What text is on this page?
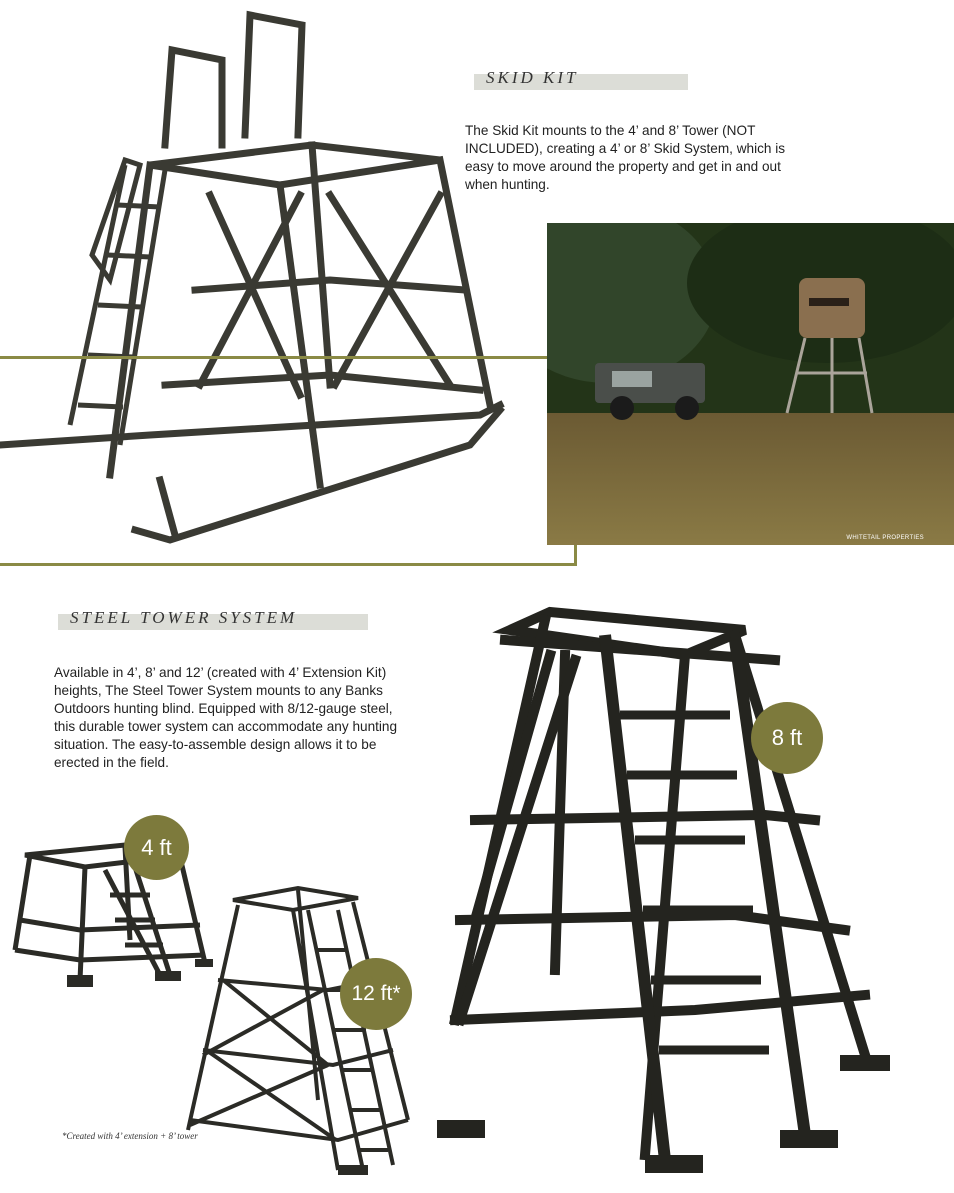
SKID KIT
The Skid Kit mounts to the 4’ and 8’ Tower (NOT INCLUDED), creating a 4’ or 8’ Skid System, which is easy to move around the property and get in and out when hunting.
WHITETAIL PROPERTIES
STEEL TOWER SYSTEM
Available in 4’, 8’ and 12’ (created with 4’ Extension Kit) heights, The Steel Tower System mounts to any Banks Outdoors hunting blind. Equipped with 8/12-gauge steel, this durable tower system can accommodate any hunting situation. The easy-to-assemble design allows it to be erected in the field.
4 ft
12 ft*
8 ft
*Created with 4’ extension + 8’ tower
